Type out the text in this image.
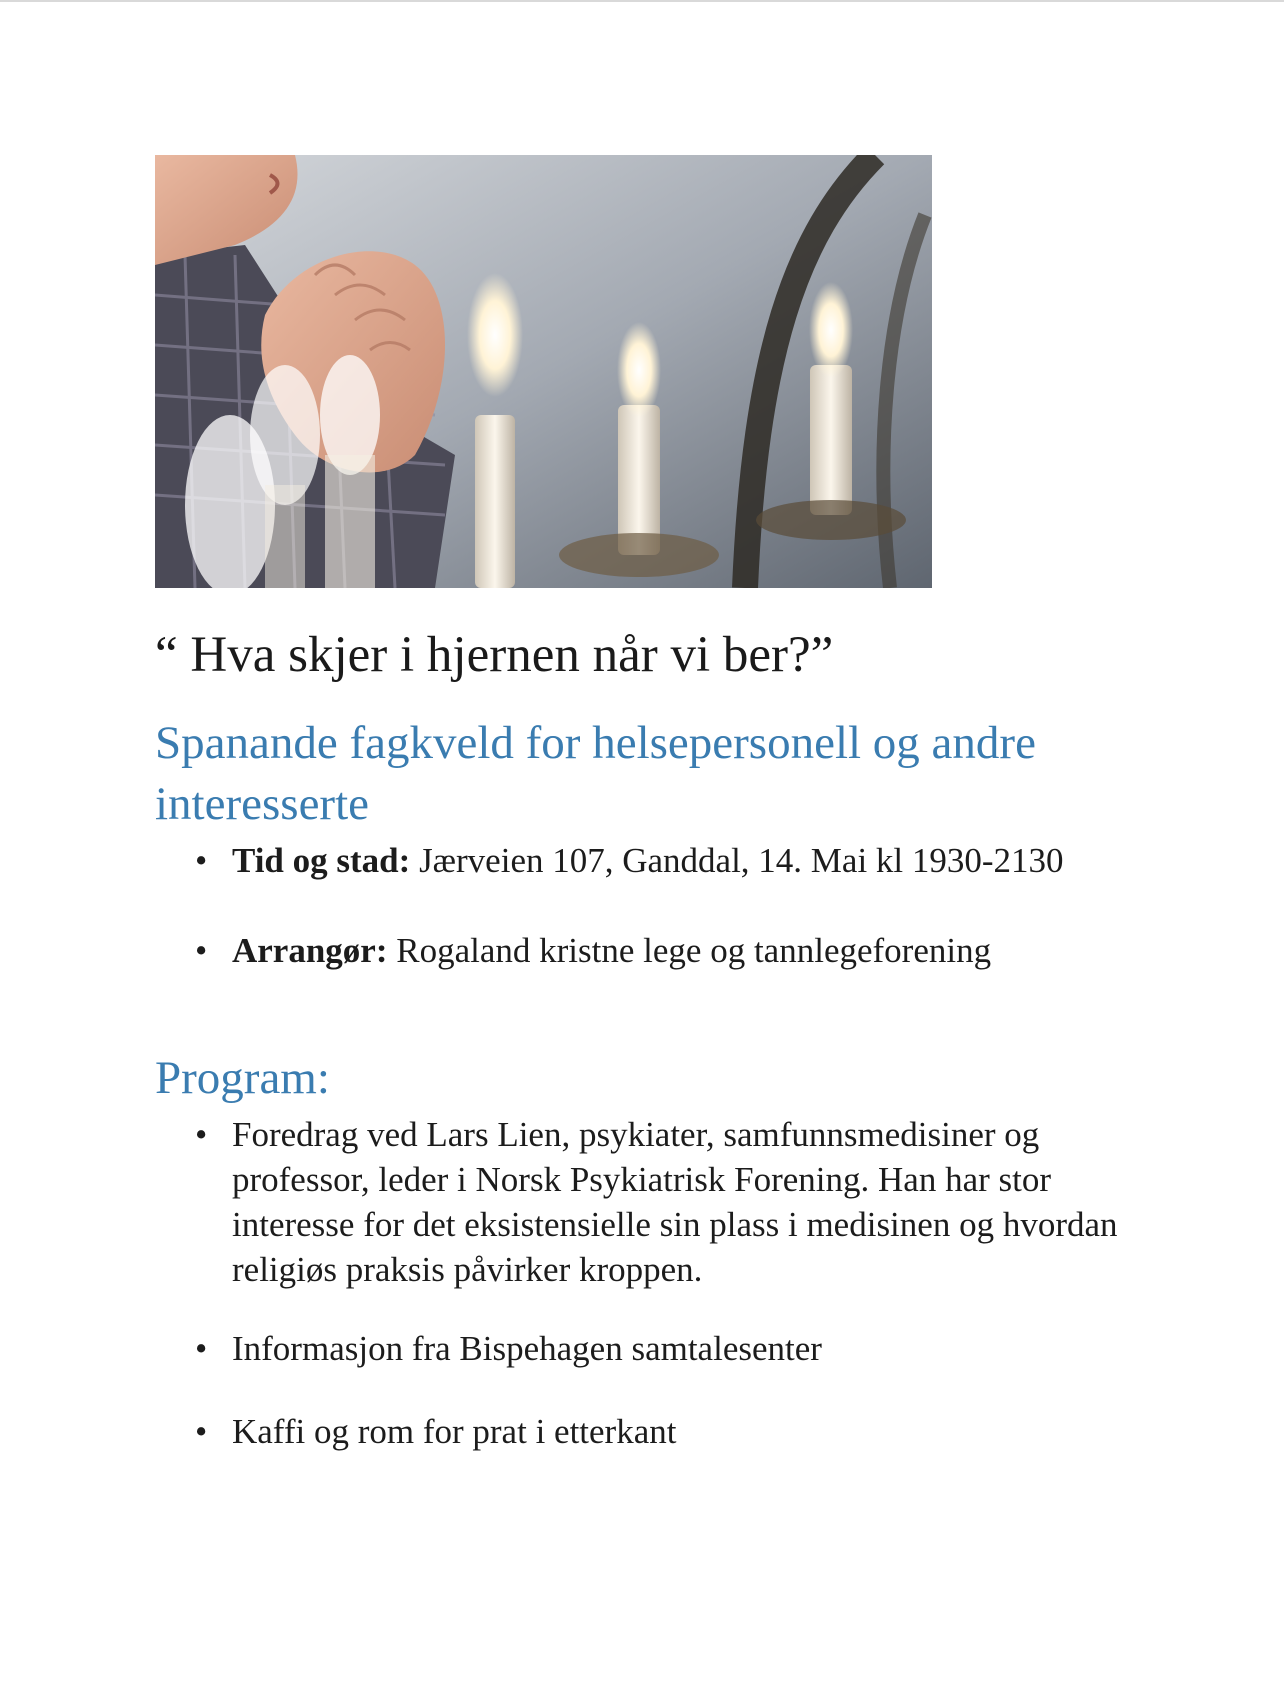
“ Hva skjer i hjernen når vi ber?”
Spanande fagkveld for helsepersonell og andre interesserte
• Tid og stad: Jærveien 107, Ganddal, 14. Mai kl 1930-2130
• Arrangør: Rogaland kristne lege og tannlegeforening
Program:
• Foredrag ved Lars Lien, psykiater, samfunnsmedisiner og professor, leder i Norsk Psykiatrisk Forening. Han har stor interesse for det eksistensielle sin plass i medisinen og hvordan religiøs praksis påvirker kroppen.
• Informasjon fra Bispehagen samtalesenter
• Kaffi og rom for prat i etterkant
